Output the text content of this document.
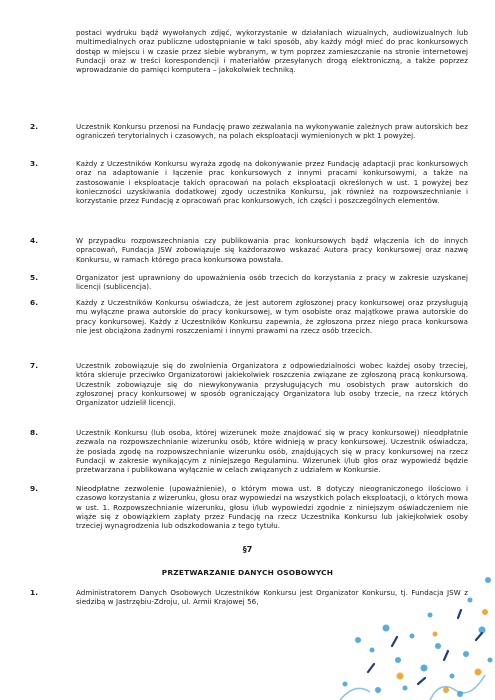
postaci wydruku bądź wywołanych zdjęć, wykorzystanie w działaniach wizualnych, audiowizualnych lub multimedialnych oraz publiczne udostępnianie w taki sposób, aby każdy mógł mieć do prac konkursowych dostęp w miejscu i w czasie przez siebie wybranym, w tym poprzez zamieszczanie na stronie internetowej Fundacji oraz w treści korespondencji i materiałów przesyłanych drogą elektroniczną, a także poprzez wprowadzanie do pamięci komputera – jakokolwiek techniką.
2.	Uczestnik Konkursu przenosi na Fundację prawo zezwalania na wykonywanie zależnych praw autorskich bez ograniczeń terytorialnych i czasowych, na polach eksploatacji wymienionych w pkt 1 powyżej.
3.	Każdy z Uczestników Konkursu wyraża zgodę na dokonywanie przez Fundację adaptacji prac konkursowych oraz na adaptowanie i łączenie prac konkursowych z innymi pracami konkursowymi, a także na zastosowanie i eksploatacje takich opracowań na polach eksploatacji określonych w ust. 1 powyżej bez konieczności uzyskiwania dodatkowej zgody uczestnika Konkursu, jak również na rozpowszechnianie i korzystanie przez Fundację z opracowań prac konkursowych, ich części i poszczególnych elementów.
4.	W przypadku rozpowszechniania czy publikowania prac konkursowych bądź włączenia ich do innych opracowań, Fundacja JSW zobowiązuje się każdorazowo wskazać Autora pracy konkursowej oraz nazwę Konkursu, w ramach którego praca konkursowa powstała.
5.	Organizator jest uprawniony do upoważnienia osób trzecich do korzystania z pracy w zakresie uzyskanej licencji (sublicencja).
6.	Każdy z Uczestników Konkursu oświadcza, że jest autorem zgłoszonej pracy konkursowej oraz przysługują mu wyłączne prawa autorskie do pracy konkursowej, w tym osobiste oraz majątkowe prawa autorskie do pracy konkursowej. Każdy z Uczestników Konkursu zapewnia, że zgłoszona przez niego praca konkursowa nie jest obciążona żadnymi roszczeniami i innymi prawami na rzecz osób trzecich.
7.	Uczestnik zobowiązuje się do zwolnienia Organizatora z odpowiedzialności wobec każdej osoby trzeciej, która skieruje przeciwko Organizatorowi jakiekolwiek roszczenia związane ze zgłoszoną pracą konkursową. Uczestnik zobowiązuje się do niewykonywania przysługujących mu osobistych praw autorskich do zgłoszonej pracy konkursowej w sposób ograniczający Organizatora lub osoby trzecie, na rzecz których Organizator udzielił licencji.
8.	Uczestnik Konkursu (lub osoba, której wizerunek może znajdować się w pracy konkursowej) nieodpłatnie zezwala na rozpowszechnianie wizerunku osób, które widnieją w pracy konkursowej. Uczestnik oświadcza, że posiada zgodę na rozpowszechnianie wizerunku osób, znajdujących się w pracy konkursowej na rzecz Fundacji w zakresie wynikającym z niniejszego Regulaminu. Wizerunek i/lub głos oraz wypowiedź będzie przetwarzana i publikowana wyłącznie w celach związanych z udziałem w Konkursie.
9.	Nieodpłatne zezwolenie (upoważnienie), o którym mowa ust. 8 dotyczy nieograniczonego ilościowo i czasowo korzystania z wizerunku, głosu oraz wypowiedzi na wszystkich polach eksploatacji, o których mowa w ust. 1. Rozpowszechnianie wizerunku, głosu i/lub wypowiedzi zgodnie z niniejszym oświadczeniem nie wiąże się z obowiązkiem zapłaty przez Fundację na rzecz Uczestnika Konkursu lub jakiejkolwiek osoby trzeciej wynagrodzenia lub odszkodowania z tego tytułu.
§7
PRZETWARZANIE DANYCH OSOBOWYCH
1.	Administratorem Danych Osobowych Uczestników Konkursu jest Organizator Konkursu, tj. Fundacja JSW z siedzibą w Jastrzębiu-Zdroju, ul. Armii Krajowej 56,
